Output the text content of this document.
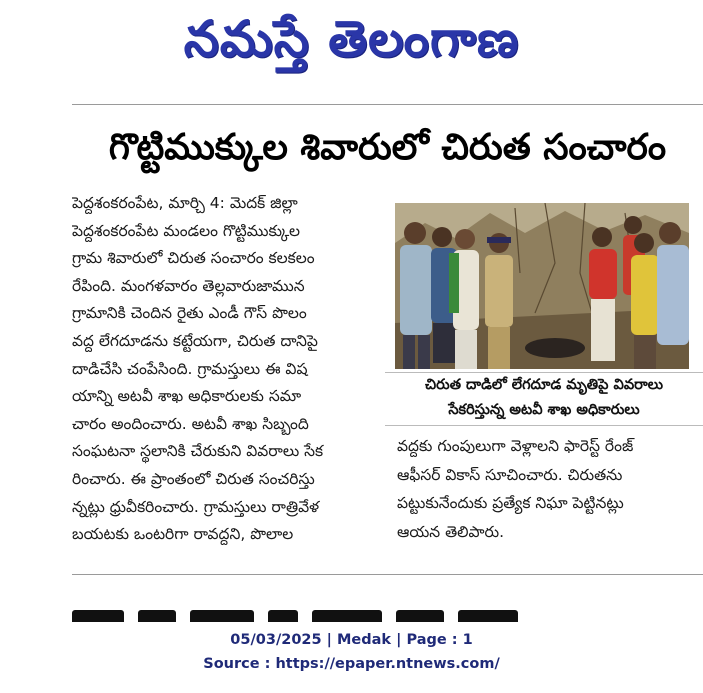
నమస్తే తెలంగాణ
గొట్టిముక్కుల శివారులో చిరుత సంచారం
పెద్దశంకరంపేట, మార్చి 4: మెదక్ జిల్లా
పెద్దశంకరంపేట మండలం గొట్టిముక్కుల
గ్రామ శివారులో చిరుత సంచారం కలకలం
రేపింది. మంగళవారం తెల్లవారుజామున
గ్రామానికి చెందిన రైతు ఎండీ గౌస్ పొలం
వద్ద లేగదూడను కట్టేయగా, చిరుత దానిపై
దాడిచేసి చంపేసింది. గ్రామస్తులు ఈ విష
యాన్ని అటవీ శాఖ అధికారులకు సమా
చారం అందించారు. అటవీ శాఖ సిబ్బంది
సంఘటనా స్థలానికి చేరుకుని వివరాలు సేక
రించారు. ఈ ప్రాంతంలో చిరుత సంచరిస్తు
న్నట్లు ధ్రువీకరించారు. గ్రామస్తులు రాత్రివేళ
బయటకు ఒంటరిగా రావద్దని, పొలాల
చిరుత దాడిలో లేగదూడ మృతిపై వివరాలు
సేకరిస్తున్న అటవీ శాఖ అధికారులు
వద్దకు గుంపులుగా వెళ్లాలని ఫారెస్ట్ రేంజ్
ఆఫీసర్ వికాస్ సూచించారు. చిరుతను
పట్టుకునేందుకు ప్రత్యేక నిఘా పెట్టినట్లు
ఆయన తెలిపారు.
05/03/2025 | Medak | Page : 1
Source : https://epaper.ntnews.com/
